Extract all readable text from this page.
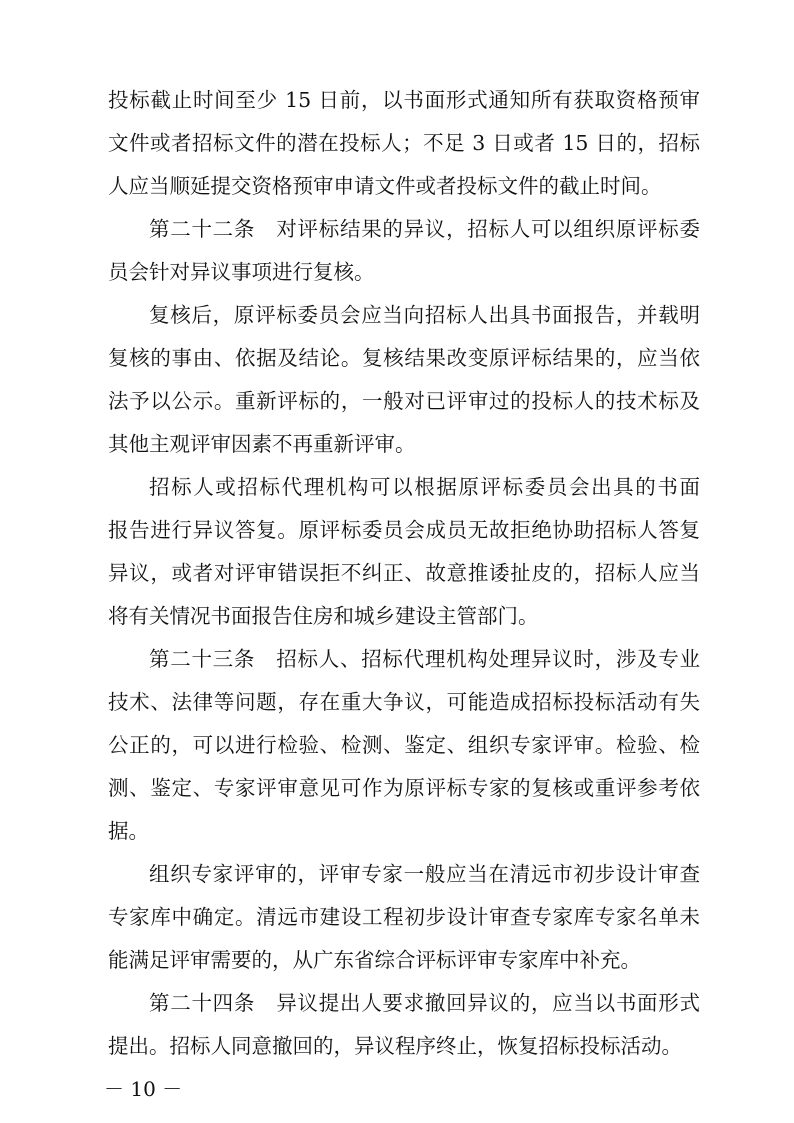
投标截止时间至少 15 日前，以书面形式通知所有获取资格预审
文件或者招标文件的潜在投标人；不足 3 日或者 15 日的，招标
人应当顺延提交资格预审申请文件或者投标文件的截止时间。
第二十二条　对评标结果的异议，招标人可以组织原评标委
员会针对异议事项进行复核。
复核后，原评标委员会应当向招标人出具书面报告，并载明
复核的事由、依据及结论。复核结果改变原评标结果的，应当依
法予以公示。重新评标的，一般对已评审过的投标人的技术标及
其他主观评审因素不再重新评审。
招标人或招标代理机构可以根据原评标委员会出具的书面
报告进行异议答复。原评标委员会成员无故拒绝协助招标人答复
异议，或者对评审错误拒不纠正、故意推诿扯皮的，招标人应当
将有关情况书面报告住房和城乡建设主管部门。
第二十三条　招标人、招标代理机构处理异议时，涉及专业
技术、法律等问题，存在重大争议，可能造成招标投标活动有失
公正的，可以进行检验、检测、鉴定、组织专家评审。检验、检
测、鉴定、专家评审意见可作为原评标专家的复核或重评参考依
据。
组织专家评审的，评审专家一般应当在清远市初步设计审查
专家库中确定。清远市建设工程初步设计审查专家库专家名单未
能满足评审需要的，从广东省综合评标评审专家库中补充。
第二十四条　异议提出人要求撤回异议的，应当以书面形式
提出。招标人同意撤回的，异议程序终止，恢复招标投标活动。
－ 10 －
